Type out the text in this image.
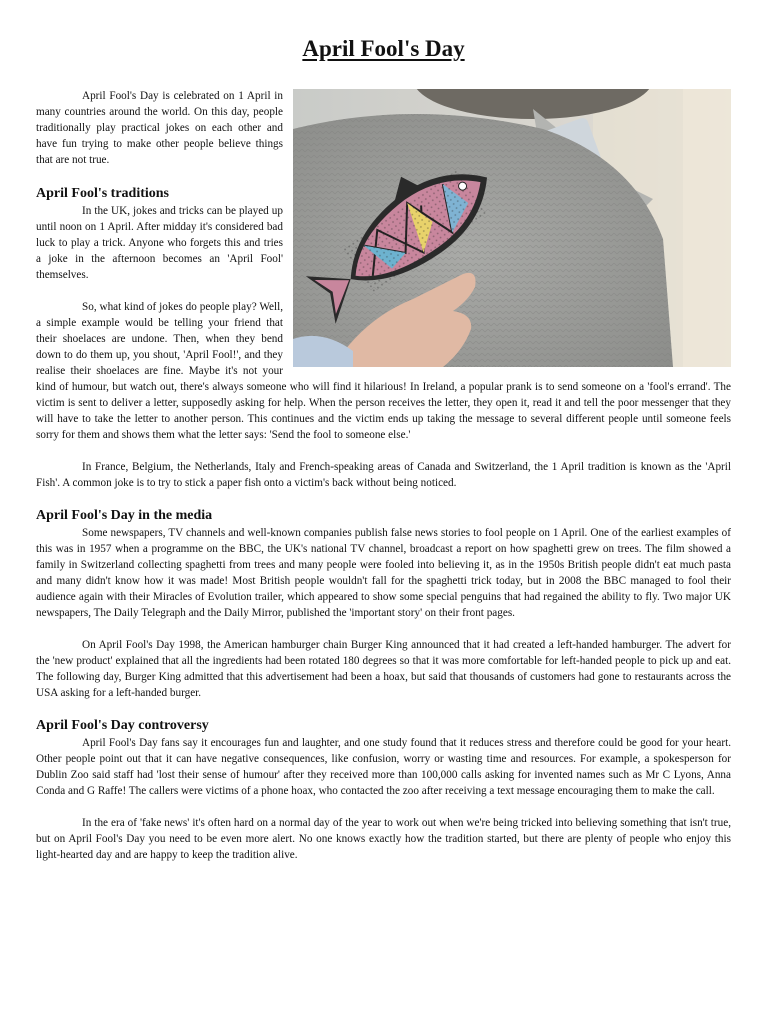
April Fool's Day

April Fool's Day is celebrated on 1 April in many countries around the world. On this day, people traditionally play practical jokes on each other and have fun trying to make other people believe things that are not true.

April Fool's traditions

In the UK, jokes and tricks can be played up until noon on 1 April. After midday it's considered bad luck to play a trick. Anyone who forgets this and tries a joke in the afternoon becomes an 'April Fool' themselves.

So, what kind of jokes do people play? Well, a simple example would be telling your friend that their shoelaces are undone. Then, when they bend down to do them up, you shout, 'April Fool!', and they realise their shoelaces are fine. Maybe it's not your kind of humour, but watch out, there's always someone who will find it hilarious! In Ireland, a popular prank is to send someone on a 'fool's errand'. The victim is sent to deliver a letter, supposedly asking for help. When the person receives the letter, they open it, read it and tell the poor messenger that they will have to take the letter to another person. This continues and the victim ends up taking the message to several different people until someone feels sorry for them and shows them what the letter says: 'Send the fool to someone else.'

In France, Belgium, the Netherlands, Italy and French-speaking areas of Canada and Switzerland, the 1 April tradition is known as the 'April Fish'. A common joke is to try to stick a paper fish onto a victim's back without being noticed.

April Fool's Day in the media

Some newspapers, TV channels and well-known companies publish false news stories to fool people on 1 April. One of the earliest examples of this was in 1957 when a programme on the BBC, the UK's national TV channel, broadcast a report on how spaghetti grew on trees. The film showed a family in Switzerland collecting spaghetti from trees and many people were fooled into believing it, as in the 1950s British people didn't eat much pasta and many didn't know how it was made! Most British people wouldn't fall for the spaghetti trick today, but in 2008 the BBC managed to fool their audience again with their Miracles of Evolution trailer, which appeared to show some special penguins that had regained the ability to fly. Two major UK newspapers, The Daily Telegraph and the Daily Mirror, published the 'important story' on their front pages.

On April Fool's Day 1998, the American hamburger chain Burger King announced that it had created a left-handed hamburger. The advert for the 'new product' explained that all the ingredients had been rotated 180 degrees so that it was more comfortable for left-handed people to pick up and eat. The following day, Burger King admitted that this advertisement had been a hoax, but said that thousands of customers had gone to restaurants across the USA asking for a left-handed burger.

April Fool's Day controversy

April Fool's Day fans say it encourages fun and laughter, and one study found that it reduces stress and therefore could be good for your heart. Other people point out that it can have negative consequences, like confusion, worry or wasting time and resources. For example, a spokesperson for Dublin Zoo said staff had 'lost their sense of humour' after they received more than 100,000 calls asking for invented names such as Mr C Lyons, Anna Conda and G Raffe! The callers were victims of a phone hoax, who contacted the zoo after receiving a text message encouraging them to make the call.

In the era of 'fake news' it's often hard on a normal day of the year to work out when we're being tricked into believing something that isn't true, but on April Fool's Day you need to be even more alert. No one knows exactly how the tradition started, but there are plenty of people who enjoy this light-hearted day and are happy to keep the tradition alive.
